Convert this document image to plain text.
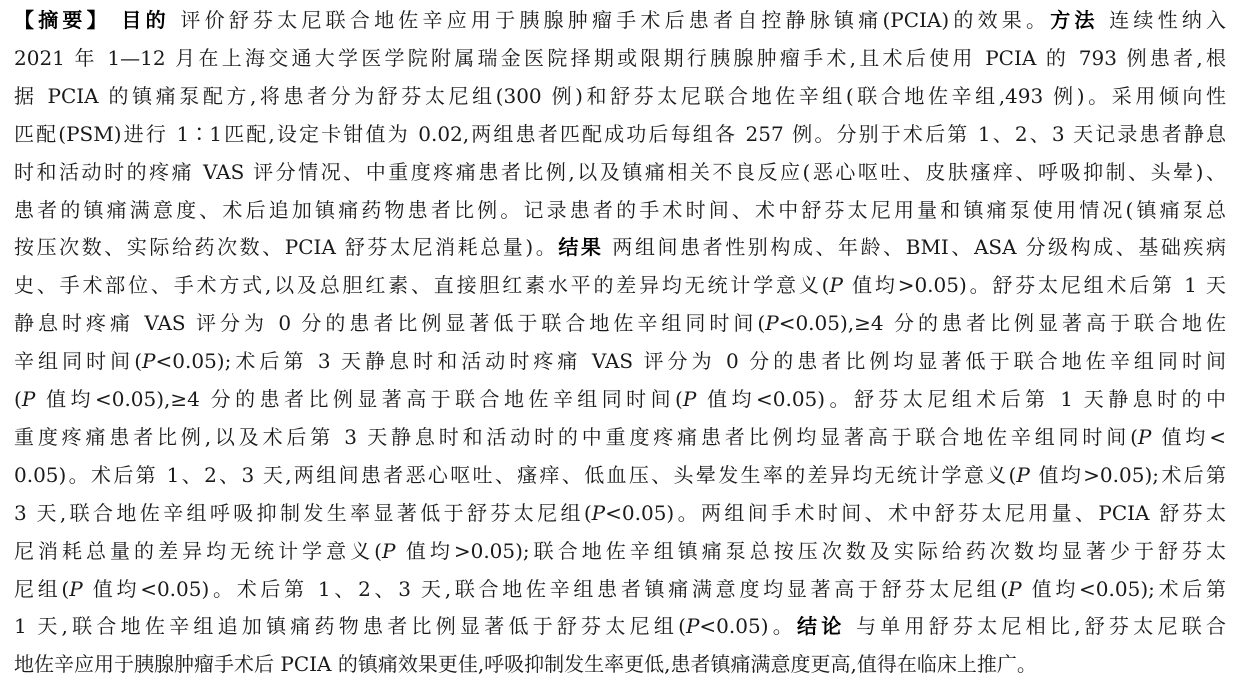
【摘要】 目的 评价舒芬太尼联合地佐辛应用于胰腺肿瘤手术后患者自控静脉镇痛(PCIA)的效果。方法 连续性纳入
2021 年 1—12 月在上海交通大学医学院附属瑞金医院择期或限期行胰腺肿瘤手术,且术后使用 PCIA 的 793 例患者,根
据 PCIA 的镇痛泵配方,将患者分为舒芬太尼组(300 例)和舒芬太尼联合地佐辛组(联合地佐辛组,493 例)。采用倾向性
匹配(PSM)进行 1∶1匹配,设定卡钳值为 0.02,两组患者匹配成功后每组各 257 例。分别于术后第 1、2、3 天记录患者静息
时和活动时的疼痛 VAS 评分情况、中重度疼痛患者比例,以及镇痛相关不良反应(恶心呕吐、皮肤瘙痒、呼吸抑制、头晕)、
患者的镇痛满意度、术后追加镇痛药物患者比例。记录患者的手术时间、术中舒芬太尼用量和镇痛泵使用情况(镇痛泵总
按压次数、实际给药次数、PCIA 舒芬太尼消耗总量)。结果 两组间患者性别构成、年龄、BMI、ASA 分级构成、基础疾病
史、手术部位、手术方式,以及总胆红素、直接胆红素水平的差异均无统计学意义(P 值均>0.05)。舒芬太尼组术后第 1 天
静息时疼痛 VAS 评分为 0 分的患者比例显著低于联合地佐辛组同时间(P<0.05),≥4 分的患者比例显著高于联合地佐
辛组同时间(P<0.05);术后第 3 天静息时和活动时疼痛 VAS 评分为 0 分的患者比例均显著低于联合地佐辛组同时间
(P 值均<0.05),≥4 分的患者比例显著高于联合地佐辛组同时间(P 值均<0.05)。舒芬太尼组术后第 1 天静息时的中
重度疼痛患者比例,以及术后第 3 天静息时和活动时的中重度疼痛患者比例均显著高于联合地佐辛组同时间(P 值均<
0.05)。术后第 1、2、3 天,两组间患者恶心呕吐、瘙痒、低血压、头晕发生率的差异均无统计学意义(P 值均>0.05);术后第
3 天,联合地佐辛组呼吸抑制发生率显著低于舒芬太尼组(P<0.05)。两组间手术时间、术中舒芬太尼用量、PCIA 舒芬太
尼消耗总量的差异均无统计学意义(P 值均>0.05);联合地佐辛组镇痛泵总按压次数及实际给药次数均显著少于舒芬太
尼组(P 值均<0.05)。术后第 1、2、3 天,联合地佐辛组患者镇痛满意度均显著高于舒芬太尼组(P 值均<0.05);术后第
1 天,联合地佐辛组追加镇痛药物患者比例显著低于舒芬太尼组(P<0.05)。结论 与单用舒芬太尼相比,舒芬太尼联合
地佐辛应用于胰腺肿瘤手术后 PCIA 的镇痛效果更佳,呼吸抑制发生率更低,患者镇痛满意度更高,值得在临床上推广。
